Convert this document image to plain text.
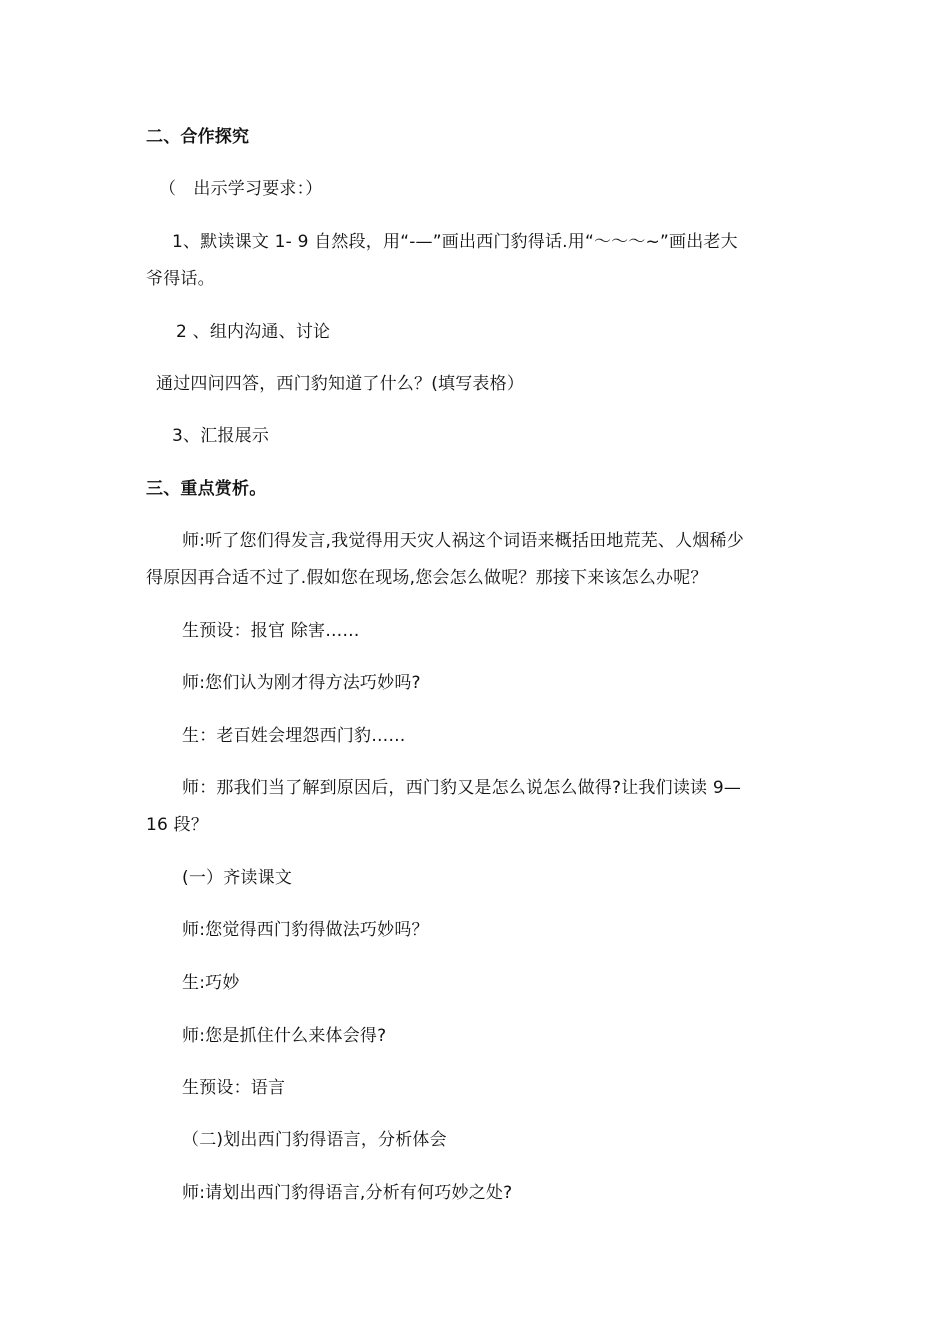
二、合作探究
（　出示学习要求：）
1、默读课文 1- 9 自然段，用“-—”画出西门豹得话.用“～～～~”画出老大
爷得话。
2 、组内沟通、讨论
通过四问四答，西门豹知道了什么？(填写表格）
3、汇报展示
三、重点赏析。
师:听了您们得发言,我觉得用天灾人祸这个词语来概括田地荒芜、人烟稀少
得原因再合适不过了.假如您在现场,您会怎么做呢？那接下来该怎么办呢？
生预设：报官 除害……
师:您们认为刚才得方法巧妙吗?
生：老百姓会埋怨西门豹……
师：那我们当了解到原因后，西门豹又是怎么说怎么做得?让我们读读 9—
16 段？
(一）齐读课文
师:您觉得西门豹得做法巧妙吗？
生:巧妙
师:您是抓住什么来体会得?
生预设：语言
（二)划出西门豹得语言，分析体会
师:请划出西门豹得语言,分析有何巧妙之处?
